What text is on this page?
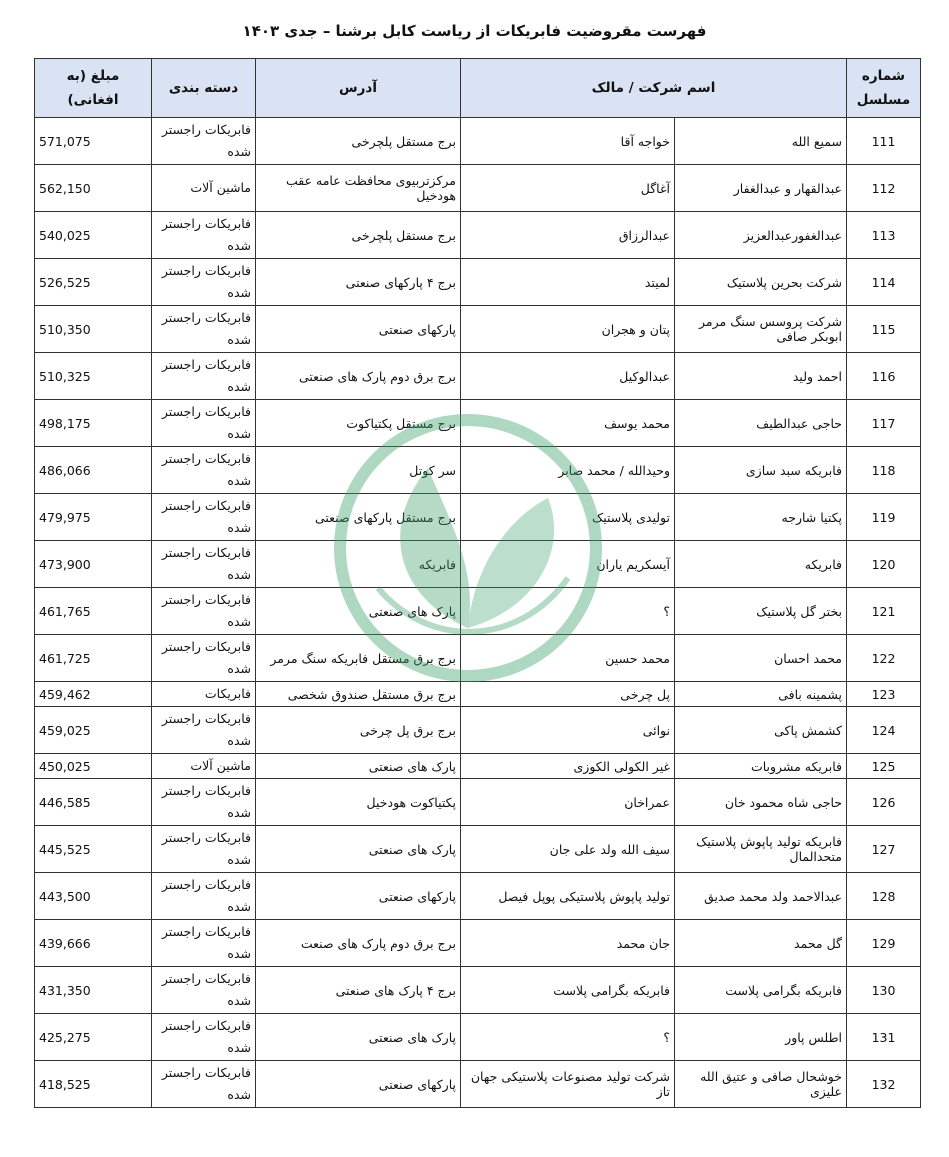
فهرست مقروضیت فابریکات از ریاست کابل برشنا – جدی ۱۴۰۳
شماره مسلسل	اسم شرکت / مالک		آدرس	دسته بندی	مبلغ (به افغانی)
111	سمیع الله	خواجه آقا	برج مستقل پلچرخی	فابریکات راجستر شده	571,075
112	عبدالقهار و عبدالغفار	آغاگل	مرکزتربیوی محافظت عامه عقب هودخیل	ماشین آلات	562,150
113	عبدالغفورعبدالعزیز	عبدالرزاق	برج مستقل پلچرخی	فابریکات راجستر شده	540,025
114	شرکت بحرین پلاستیک	لمیتد	برج ۴ پارکهای صنعتی	فابریکات راجستر شده	526,525
115	شرکت پروسس سنگ مرمر ابوبکر صافی	پتان و هجران	پارکهای صنعتی	فابریکات راجستر شده	510,350
116	احمد ولید	عبدالوکیل	برج برق دوم پارک های صنعتی	فابریکات راجستر شده	510,325
117	حاجی عبدالطیف	محمد یوسف	برج مستقل پکتیاکوت	فابریکات راجستر شده	498,175
118	فابریکه سبد سازی	وحیدالله / محمد صابر	سر کوتل	فابریکات راجستر شده	486,066
119	پکتیا شارجه	تولیدی پلاستیک	برج مستقل پارکهای صنعتی	فابریکات راجستر شده	479,975
120	فابریکه	آیسکریم یاران	فابریکه	فابریکات راجستر شده	473,900
121	بختر گل پلاستیک	؟	پارک های صنعتی	فابریکات راجستر شده	461,765
122	محمد احسان	محمد حسین	برج برق مستقل فابریکه سنگ مرمر	فابریکات راجستر شده	461,725
123	پشمینه بافی	پل چرخی	برج برق مستقل صندوق شخصی	فابریکات	459,462
124	کشمش پاکی	نوائی	برج برق پل چرخی	فابریکات راجستر شده	459,025
125	فابریکه مشروبات	غیر الکولی الکوزی	پارک های صنعتی	ماشین آلات	450,025
126	حاجی شاه محمود خان	عمراخان	پکتیاکوت هودخیل	فابریکات راجستر شده	446,585
127	فابریکه تولید پاپوش پلاستیک متحدالمال	سیف الله ولد علی جان	پارک های صنعتی	فابریکات راجستر شده	445,525
128	عبدالاحمد ولد محمد صدیق	تولید پاپوش پلاستیکی پوپل فیصل	پارکهای صنعتی	فابریکات راجستر شده	443,500
129	گل محمد	جان محمد	برج برق دوم پارک های صنعت	فابریکات راجستر شده	439,666
130	فابریکه بگرامی پلاست	فابریکه بگرامی پلاست	برج ۴ پارک های صنعتی	فابریکات راجستر شده	431,350
131	اطلس پاور	؟	پارک های صنعتی	فابریکات راجستر شده	425,275
132	خوشحال صافی و عتیق الله علیزی	شرکت تولید مصنوعات پلاستیکی جهان تاز	پارکهای صنعتی	فابریکات راجستر شده	418,525
